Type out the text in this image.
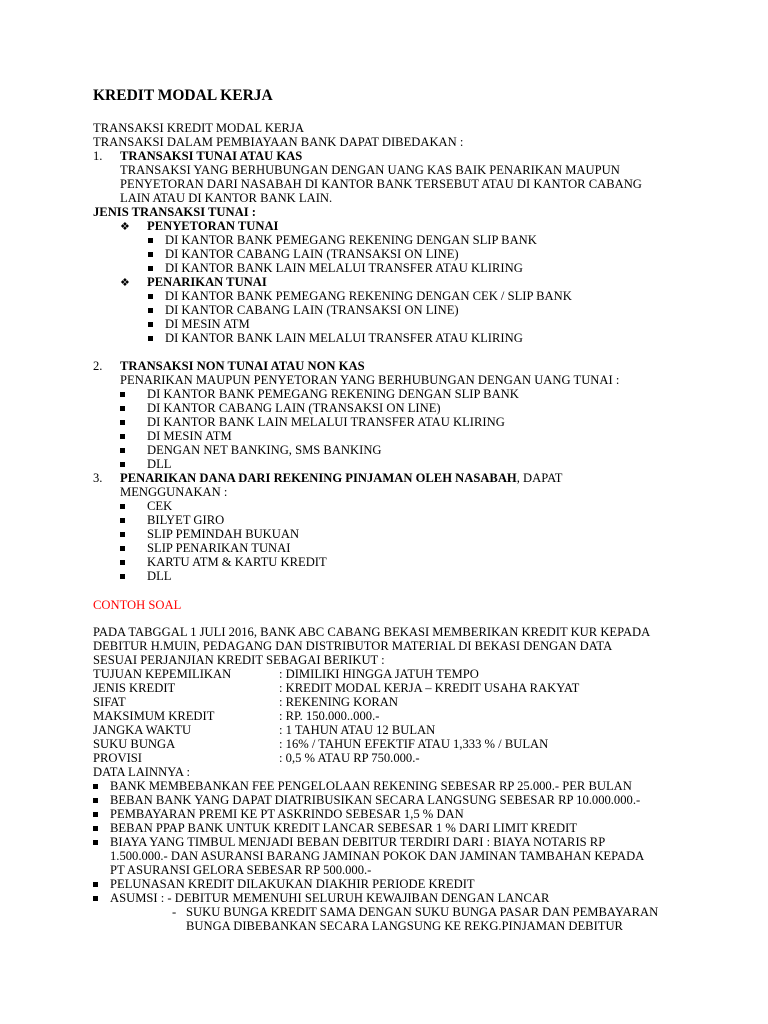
KREDIT MODAL KERJA
TRANSAKSI KREDIT MODAL KERJA
TRANSAKSI DALAM PEMBIAYAAN BANK DAPAT DIBEDAKAN :
1. TRANSAKSI TUNAI ATAU KAS
TRANSAKSI YANG BERHUBUNGAN DENGAN UANG KAS BAIK PENARIKAN MAUPUN
PENYETORAN DARI NASABAH DI KANTOR BANK TERSEBUT ATAU DI KANTOR CABANG
LAIN ATAU DI KANTOR BANK LAIN.
JENIS TRANSAKSI TUNAI :
❖ PENYETORAN TUNAI
DI KANTOR BANK PEMEGANG REKENING DENGAN SLIP BANK
DI KANTOR CABANG LAIN (TRANSAKSI ON LINE)
DI KANTOR BANK LAIN MELALUI TRANSFER ATAU KLIRING
❖ PENARIKAN TUNAI
DI KANTOR BANK PEMEGANG REKENING DENGAN CEK / SLIP BANK
DI KANTOR CABANG LAIN (TRANSAKSI ON LINE)
DI MESIN ATM
DI KANTOR BANK LAIN MELALUI TRANSFER ATAU KLIRING
2. TRANSAKSI NON TUNAI ATAU NON KAS
PENARIKAN MAUPUN PENYETORAN YANG BERHUBUNGAN DENGAN UANG TUNAI :
DI KANTOR BANK PEMEGANG REKENING DENGAN SLIP BANK
DI KANTOR CABANG LAIN (TRANSAKSI ON LINE)
DI KANTOR BANK LAIN MELALUI TRANSFER ATAU KLIRING
DI MESIN ATM
DENGAN NET BANKING, SMS BANKING
DLL
3. PENARIKAN DANA DARI REKENING PINJAMAN OLEH NASABAH, DAPAT
MENGGUNAKAN :
CEK
BILYET GIRO
SLIP PEMINDAH BUKUAN
SLIP PENARIKAN TUNAI
KARTU ATM & KARTU KREDIT
DLL
CONTOH SOAL
PADA TABGGAL 1 JULI 2016, BANK ABC CABANG BEKASI MEMBERIKAN KREDIT KUR KEPADA
DEBITUR H.MUIN, PEDAGANG DAN DISTRIBUTOR MATERIAL DI BEKASI DENGAN DATA
SESUAI PERJANJIAN KREDIT SEBAGAI BERIKUT :
TUJUAN KEPEMILIKAN	: DIMILIKI HINGGA JATUH TEMPO
JENIS KREDIT	: KREDIT MODAL KERJA – KREDIT USAHA RAKYAT
SIFAT	: REKENING KORAN
MAKSIMUM KREDIT	: RP. 150.000..000.-
JANGKA WAKTU	: 1 TAHUN ATAU 12 BULAN
SUKU BUNGA	: 16% / TAHUN EFEKTIF ATAU 1,333 % / BULAN
PROVISI	: 0,5 % ATAU RP 750.000.-
DATA LAINNYA :
BANK MEMBEBANKAN FEE PENGELOLAAN REKENING SEBESAR RP 25.000.- PER BULAN
BEBAN BANK YANG DAPAT DIATRIBUSIKAN SECARA LANGSUNG SEBESAR RP 10.000.000.-
PEMBAYARAN PREMI KE PT ASKRINDO SEBESAR 1,5 % DAN
BEBAN PPAP BANK UNTUK KREDIT LANCAR SEBESAR 1 % DARI LIMIT KREDIT
BIAYA YANG TIMBUL MENJADI BEBAN DEBITUR TERDIRI DARI : BIAYA NOTARIS RP
1.500.000.- DAN ASURANSI BARANG JAMINAN POKOK DAN JAMINAN TAMBAHAN KEPADA
PT ASURANSI GELORA SEBESAR RP 500.000.-
PELUNASAN KREDIT DILAKUKAN DIAKHIR PERIODE KREDIT
ASUMSI : - DEBITUR MEMENUHI SELURUH KEWAJIBAN DENGAN LANCAR
- SUKU BUNGA KREDIT SAMA DENGAN SUKU BUNGA PASAR DAN PEMBAYARAN
BUNGA DIBEBANKAN SECARA LANGSUNG KE REKG.PINJAMAN DEBITUR
